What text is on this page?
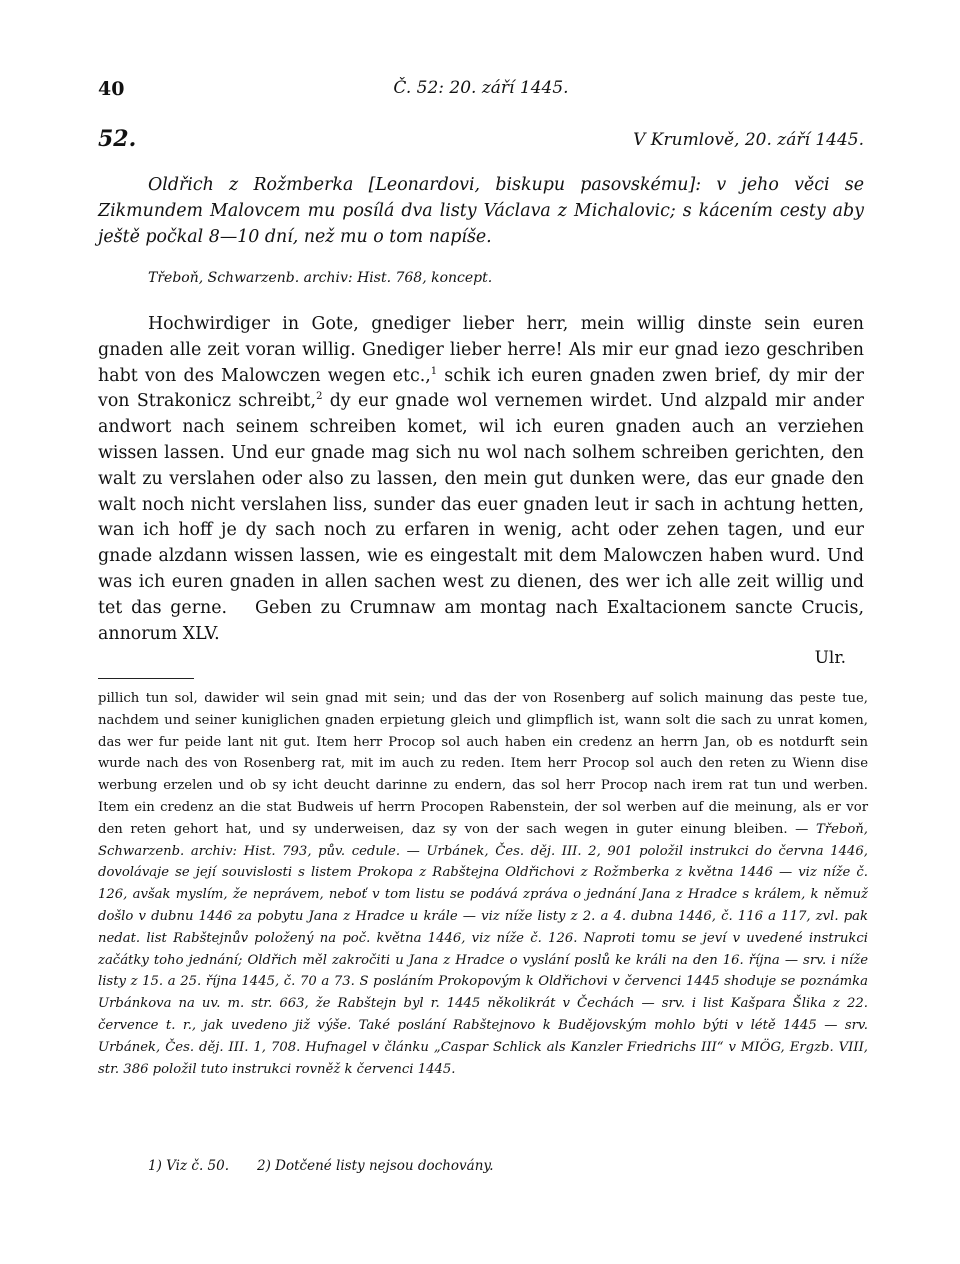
40	Č. 52: 20. září 1445.
52.	V Krumlově, 20. září 1445.

Oldřich z Rožmberka [Leonardovi, biskupu pasovskému]: v jeho věci se Zikmundem Malovcem mu posílá dva listy Václava z Michalovic; s kácením cesty aby ještě počkal 8—10 dní, než mu o tom napíše.

Třeboň, Schwarzenb. archiv: Hist. 768, koncept.

Hochwirdiger in Gote, gnediger lieber herr, mein willig dinste sein euren gnaden alle zeit voran willig. Gnediger lieber herre! Als mir eur gnad iezo geschriben habt von des Malowczen wegen etc.,$^1$ schik ich euren gnaden zwen brief, dy mir der von Strakonicz schreibt,$^2$ dy eur gnade wol vernemen wirdet. Und alzpald mir ander andwort nach seinem schreiben komet, wil ich euren gnaden auch an verziehen wissen lassen. Und eur gnade mag sich nu wol nach solhem schreiben gerichten, den walt zu verslahen oder also zu lassen, den mein gut dunken were, das eur gnade den walt noch nicht verslahen liss, sunder das euer gnaden leut ir sach in achtung hetten, wan ich hoff je dy sach noch zu erfaren in wenig, acht oder zehen tagen, und eur gnade alzdann wissen lassen, wie es eingestalt mit dem Malowczen haben wurd. Und was ich euren gnaden in allen sachen west zu dienen, des wer ich alle zeit willig und tet das gerne. Geben zu Crumnaw am montag nach Exaltacionem sancte Crucis, annorum XLV.

Ulr.

pillich tun sol, dawider wil sein gnad mit sein; und das der von Rosenberg auf solich mainung das peste tue, nachdem und seiner kuniglichen gnaden erpietung gleich und glimpflich ist, wann solt die sach zu unrat komen, das wer fur peide lant nit gut. Item herr Procop sol auch haben ein credenz an herrn Jan, ob es notdurft sein wurde nach des von Rosenberg rat, mit im auch zu reden. Item herr Procop sol auch den reten zu Wienn dise werbung erzelen und ob sy icht deucht darinne zu endern, das sol herr Procop nach irem rat tun und werben. Item ein credenz an die stat Budweis uf herrn Procopen Rabenstein, der sol werben auf die meinung, als er vor den reten gehort hat, und sy underweisen, daz sy von der sach wegen in guter einung bleiben. — Třeboň, Schwarzenb. archiv: Hist. 793, pův. cedule. — Urbánek, Čes. děj. III. 2, 901 položil instrukci do června 1446, dovolávaje se její souvislosti s listem Prokopa z Rabštejna Oldřichovi z Rožmberka z května 1446 — viz níže č. 126, avšak myslím, že neprávem, neboť v tom listu se podává zpráva o jednání Jana z Hradce s králem, k němuž došlo v dubnu 1446 za pobytu Jana z Hradce u krále — viz níže listy z 2. a 4. dubna 1446, č. 116 a 117, zvl. pak nedat. list Rabštejnův položený na poč. května 1446, viz níže č. 126. Naproti tomu se jeví v uvedené instrukci začátky toho jednání; Oldřich měl zakročiti u Jana z Hradce o vyslání poslů ke králi na den 16. října — srv. i níže listy z 15. a 25. října 1445, č. 70 a 73. S posláním Prokopovým k Oldřichovi v červenci 1445 shoduje se poznámka Urbánkova na uv. m. str. 663, že Rabštejn byl r. 1445 několikrát v Čechách — srv. i list Kašpara Šlika z 22. července t. r., jak uvedeno již výše. Také poslání Rabštejnovo k Budějovským mohlo býti v létě 1445 — srv. Urbánek, Čes. děj. III. 1, 708. Hufnagel v článku „Caspar Schlick als Kanzler Friedrichs III“ v MIÖG, Ergzb. VIII, str. 386 položil tuto instrukci rovněž k červenci 1445.

1) Viz č. 50. 2) Dotčené listy nejsou dochovány.
